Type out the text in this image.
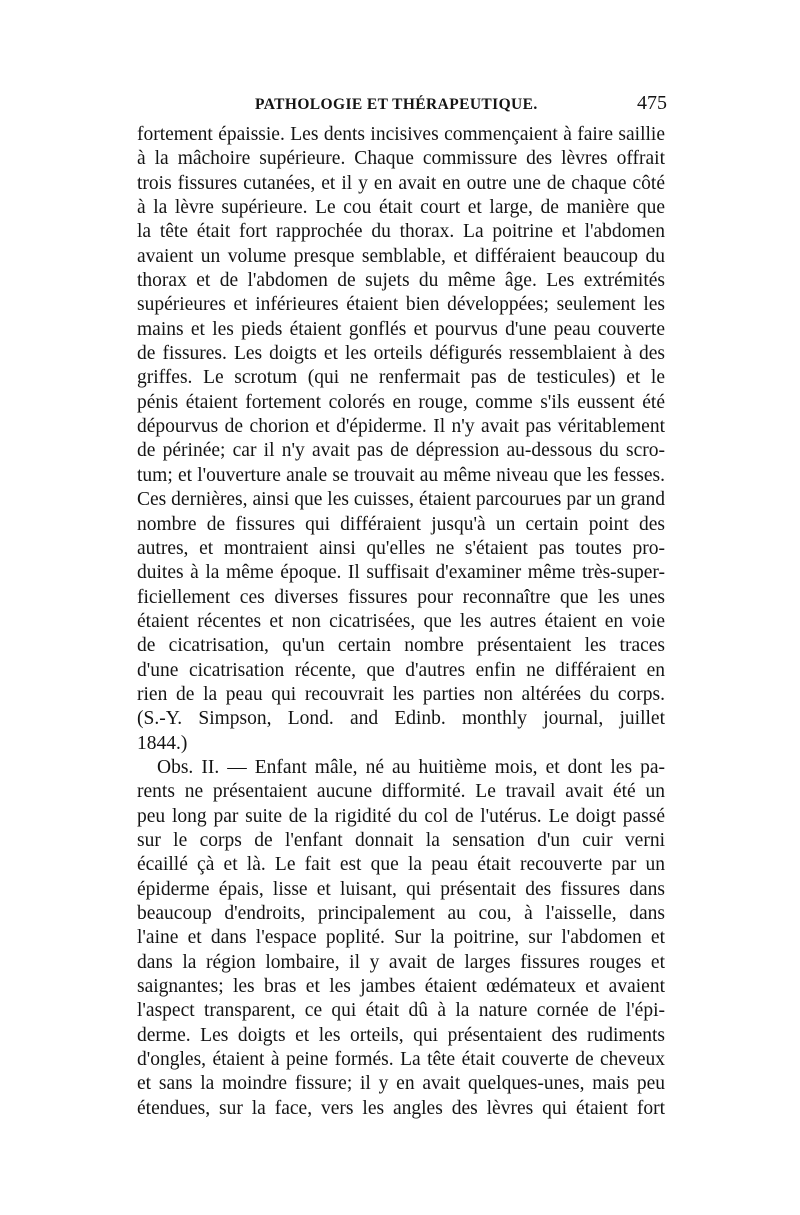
PATHOLOGIE ET THÉRAPEUTIQUE.	475
fortement épaissie. Les dents incisives commençaient à faire saillie
à la mâchoire supérieure. Chaque commissure des lèvres offrait
trois fissures cutanées, et il y en avait en outre une de chaque côté
à la lèvre supérieure. Le cou était court et large, de manière que
la tête était fort rapprochée du thorax. La poitrine et l'abdomen
avaient un volume presque semblable, et différaient beaucoup du
thorax et de l'abdomen de sujets du même âge. Les extrémités
supérieures et inférieures étaient bien développées; seulement les
mains et les pieds étaient gonflés et pourvus d'une peau couverte
de fissures. Les doigts et les orteils défigurés ressemblaient à des
griffes. Le scrotum (qui ne renfermait pas de testicules) et le
pénis étaient fortement colorés en rouge, comme s'ils eussent été
dépourvus de chorion et d'épiderme. Il n'y avait pas véritablement
de périnée; car il n'y avait pas de dépression au-dessous du scro-
tum; et l'ouverture anale se trouvait au même niveau que les fesses.
Ces dernières, ainsi que les cuisses, étaient parcourues par un grand
nombre de fissures qui différaient jusqu'à un certain point des
autres, et montraient ainsi qu'elles ne s'étaient pas toutes pro-
duites à la même époque. Il suffisait d'examiner même très-super-
ficiellement ces diverses fissures pour reconnaître que les unes
étaient récentes et non cicatrisées, que les autres étaient en voie
de cicatrisation, qu'un certain nombre présentaient les traces
d'une cicatrisation récente, que d'autres enfin ne différaient en
rien de la peau qui recouvrait les parties non altérées du corps.
(S.-Y. Simpson, Lond. and Edinb. monthly journal, juillet
1844.)
Obs. II. — Enfant mâle, né au huitième mois, et dont les pa-
rents ne présentaient aucune difformité. Le travail avait été un
peu long par suite de la rigidité du col de l'utérus. Le doigt passé
sur le corps de l'enfant donnait la sensation d'un cuir verni
écaillé çà et là. Le fait est que la peau était recouverte par un
épiderme épais, lisse et luisant, qui présentait des fissures dans
beaucoup d'endroits, principalement au cou, à l'aisselle, dans
l'aine et dans l'espace poplité. Sur la poitrine, sur l'abdomen et
dans la région lombaire, il y avait de larges fissures rouges et
saignantes; les bras et les jambes étaient œdémateux et avaient
l'aspect transparent, ce qui était dû à la nature cornée de l'épi-
derme. Les doigts et les orteils, qui présentaient des rudiments
d'ongles, étaient à peine formés. La tête était couverte de cheveux
et sans la moindre fissure; il y en avait quelques-unes, mais peu
étendues, sur la face, vers les angles des lèvres qui étaient fort
